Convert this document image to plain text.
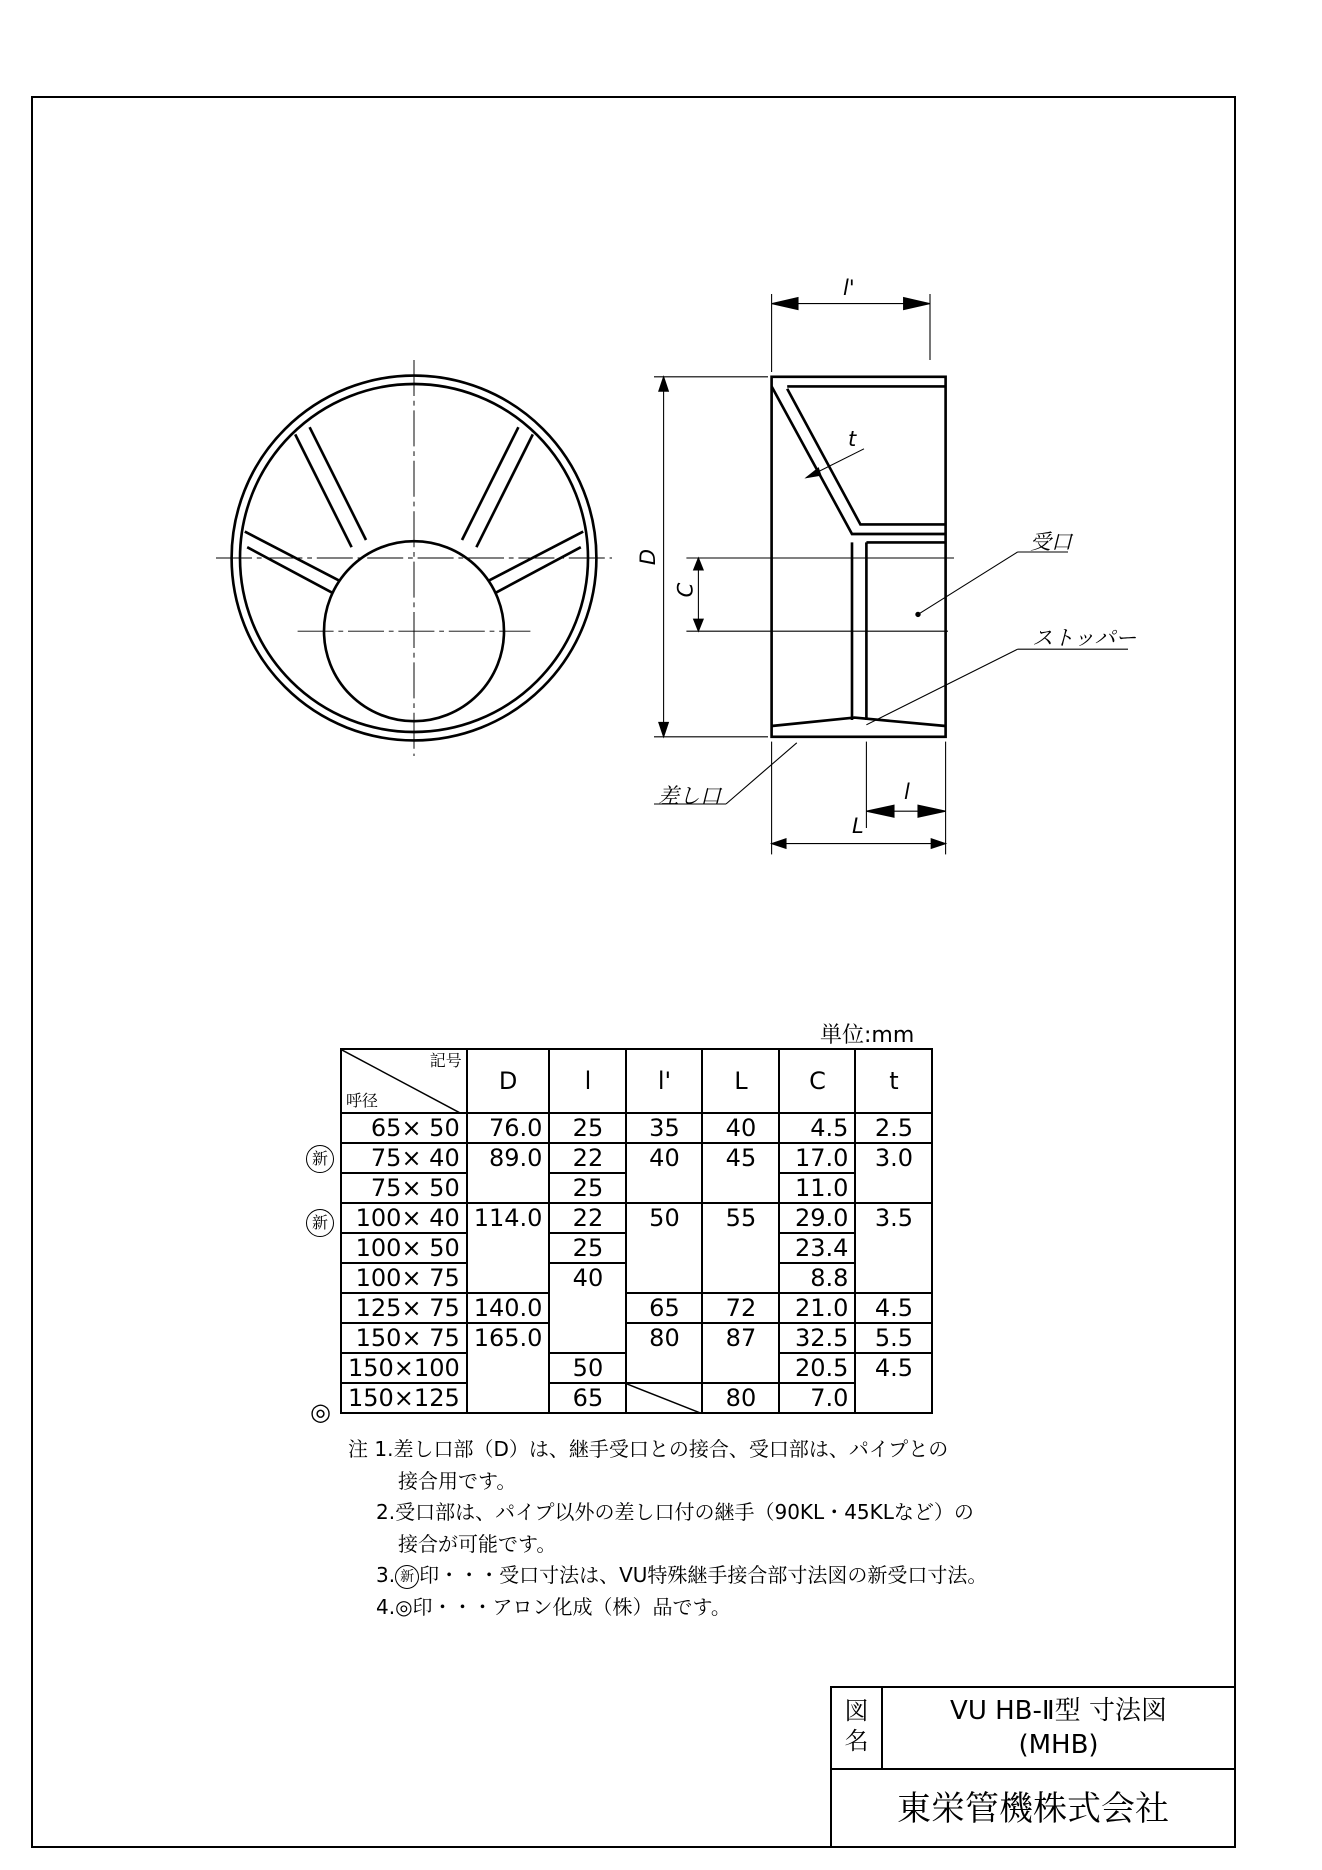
l'
t
D
C
l
L
受口
ストッパー
差し口
単位:mm
新
新
◎
記号
呼径	D	l	l'	L	C	t
65× 50	76.0	25	35	40	4.5	2.5
75× 40	89.0	22	40	45	17.0	3.0
75× 50		25			11.0	
100× 40	114.0	22	50	55	29.0	3.5
100× 50		25			23.4	
100× 75		40			8.8	
125× 75	140.0		65	72	21.0	4.5
150× 75	165.0		80	87	32.5	5.5
150×100		50			20.5	4.5
150×125		65		80	7.0	
注 1.差し口部（D）は、継手受口との接合、受口部は、パイプとの
接合用です。
2.受口部は、パイプ以外の差し口付の継手（90KL・45KLなど）の
接合が可能です。
3. 新 印・・・受口寸法は、VU特殊継手接合部寸法図の新受口寸法。
4.◎印・・・アロン化成（株）品です。
図
名
VU HB-Ⅱ型 寸法図
(MHB)
東栄管機株式会社
